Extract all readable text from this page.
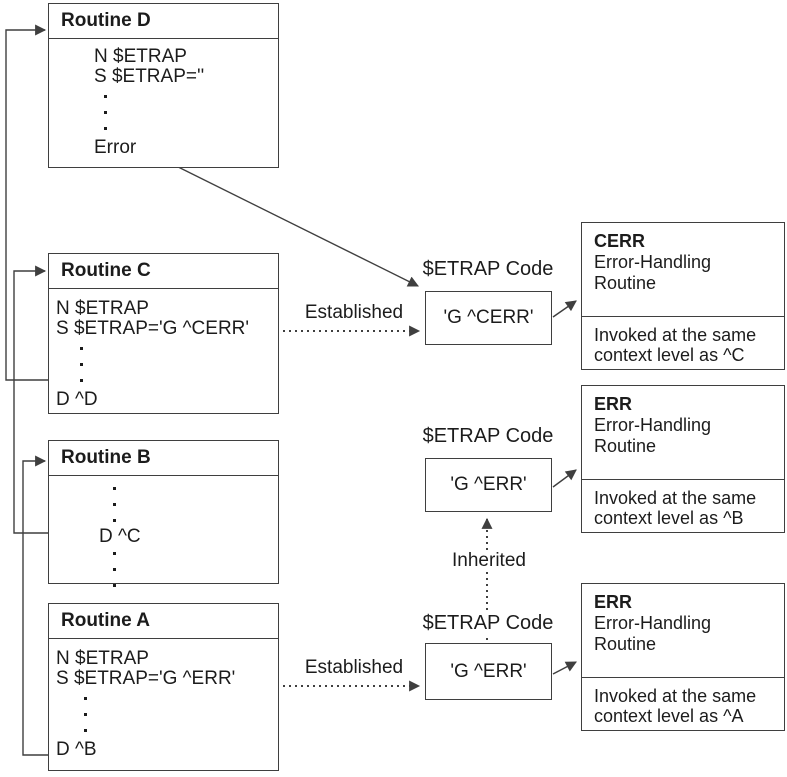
Routine D
N $ETRAP
S $ETRAP=''
Error
Routine C
N $ETRAP
S $ETRAP='G ^CERR'
D ^D
Routine B
D ^C
Routine A
N $ETRAP
S $ETRAP='G ^ERR'
D ^B
$ETRAP Code
'G ^CERR'
$ETRAP Code
'G ^ERR'
$ETRAP Code
'G ^ERR'
Established
Established
Inherited
CERR
Error-Handling
Routine
Invoked at the same
context level as ^C
ERR
Error-Handling
Routine
Invoked at the same
context level as ^B
ERR
Error-Handling
Routine
Invoked at the same
context level as ^A
